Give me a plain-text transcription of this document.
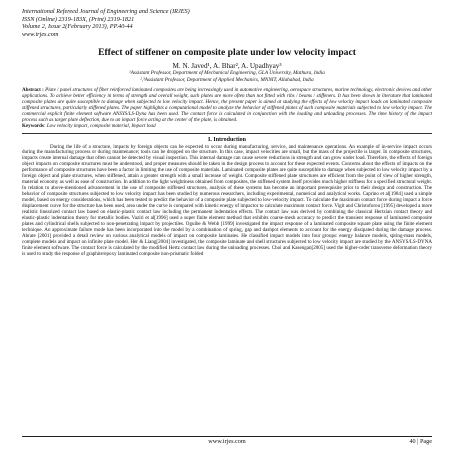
International Refereed Journal of Engineering and Science (IRJES)
ISSN (Online) 2319-183X, (Print) 2319-1821
Volume 2, Issue 2(February 2013), PP.40-44
www.irjes.com
Effect of stiffener on composite plate under low velocity impact
M. N. Javed¹, A. Bhar², A. Upadhyay³
¹Assistant Professor, Department of Mechanical Engineering, GLA University, Mathura, India
²,³Assistant Professor, Department of Applied Mechanics, MNNIT, Allahabad, India
Abstract : Plate / panel structures of fiber reinforced laminated composites are being increasingly used in automotive engineering, aerospace structures, marine technology, electronic devices and other applications. To achieve better efficiency in terms of strength and overall weight, such plates are more often than not fitted with ribs / beams / stiffeners. It has been shown in literature that laminated composite plates are quite susceptible to damage when subjected to low velocity impact. Hence, the present paper is aimed at studying the effects of low velocity impact loads on laminated composite stiffened structures, particularly stiffened plates. The paper highlights a computational model to analyze the behavior of stiffened plates of such composite materials subjected to low velocity impact. The commercial explicit finite element software ANSYS/LS-Dyna has been used. The contact force is calculated in conjunction with the loading and unloading processes. The time history of the impact process such as target plate deflection, due to an impact force acting at the center of the plate, is obtained.
Keywords: Low velocity impact, composite material, Impact load
I. Introduction
During the life of a structure, impacts by foreign objects can be expected to occur during manufacturing, service, and maintenance operations. An example of in-service impact occurs during the manufacturing process or during maintenance; tools can be dropped on the structure. In this case, impact velocities are small, but the mass of the projectile is larger. In composite structures, impacts create internal damage that often cannot be detected by visual inspection. This internal damage can cause severe reductions in strength and can grow under load. Therefore, the effects of foreign object impacts on composite structures must be understood, and proper measures should be taken in the design process to account for these expected events. Concerns about the effects of impacts on the performance of composite structures have been a factor in limiting the use of composite materials. Laminated composite plates are quite susceptible to damage when subjected to low velocity impact by a foreign object and plate structures, when stiffened, attain a greater strength with a small increase of weight. Composite stiffened plate structures are efficient from the point of view of higher strength, material economy as well as ease of construction. In addition to the light weightiness obtained from composites, the stiffened system itself provides much higher stiffness for a specified structural weight. In relation to above-mentioned advancement in the use of composite stiffened structures, analysis of these systems has become an important prerequisite prior to their design and construction. The behavior of composite structures subjected to low velocity impact has been studied by numerous researchers, including experimental, numerical and analytical works. Caprino et al[1984] used a simple model, based on energy considerations, which has been tested to predict the behavior of a composite plate subjected to low-velocity impact. To calculate the maximum contact force during impact a force displacement curve for the structure has been used, area under the curve is compared with kinetic energy of impactor to calculate maximum contact force. Vigit and Christoforou [1995] developed a more realistic linearized contact law based on elastic-plastic contact law including the permanent indentation effects. The contact law was derived by combining the classical Hertzian contact theory and elastic-plastic indentation theory for metallic bodies. Vaziri et al[1996] used a super finite element method that exhibits coarse-mesh accuracy to predict the transient response of laminated composite plates and cylindrical shells subjected to non-penetrating impact by projectiles. Oguibe & Webb [1999] investigated the impact response of a laminated composite square plate using the finite element technique. An approximate failure mode has been incorporated into the model by a combination of spring, gap and dashpot elements to account for the energy dissipated during the damage process. Abrate [2001] provided a detail review on various analytical models of impact on composite laminates. He classified impact models into four groups: energy balance models, spring-mass models, complete models and impact on infinite plate model. Her & Liang[2004] investigated, the composite laminate and shell structures subjected to low velocity impact are studied by the ANSYS/LS-DYNA finite element software. The contact force is calculated by the modified Hertz contact law during the unloading processes. Choi and Kasengan[2005] used the higher-order transverse deformation theory is used to study the response of graphite/epoxy laminated composite non-prismatic folded
www.irjes.com	40 | Page
